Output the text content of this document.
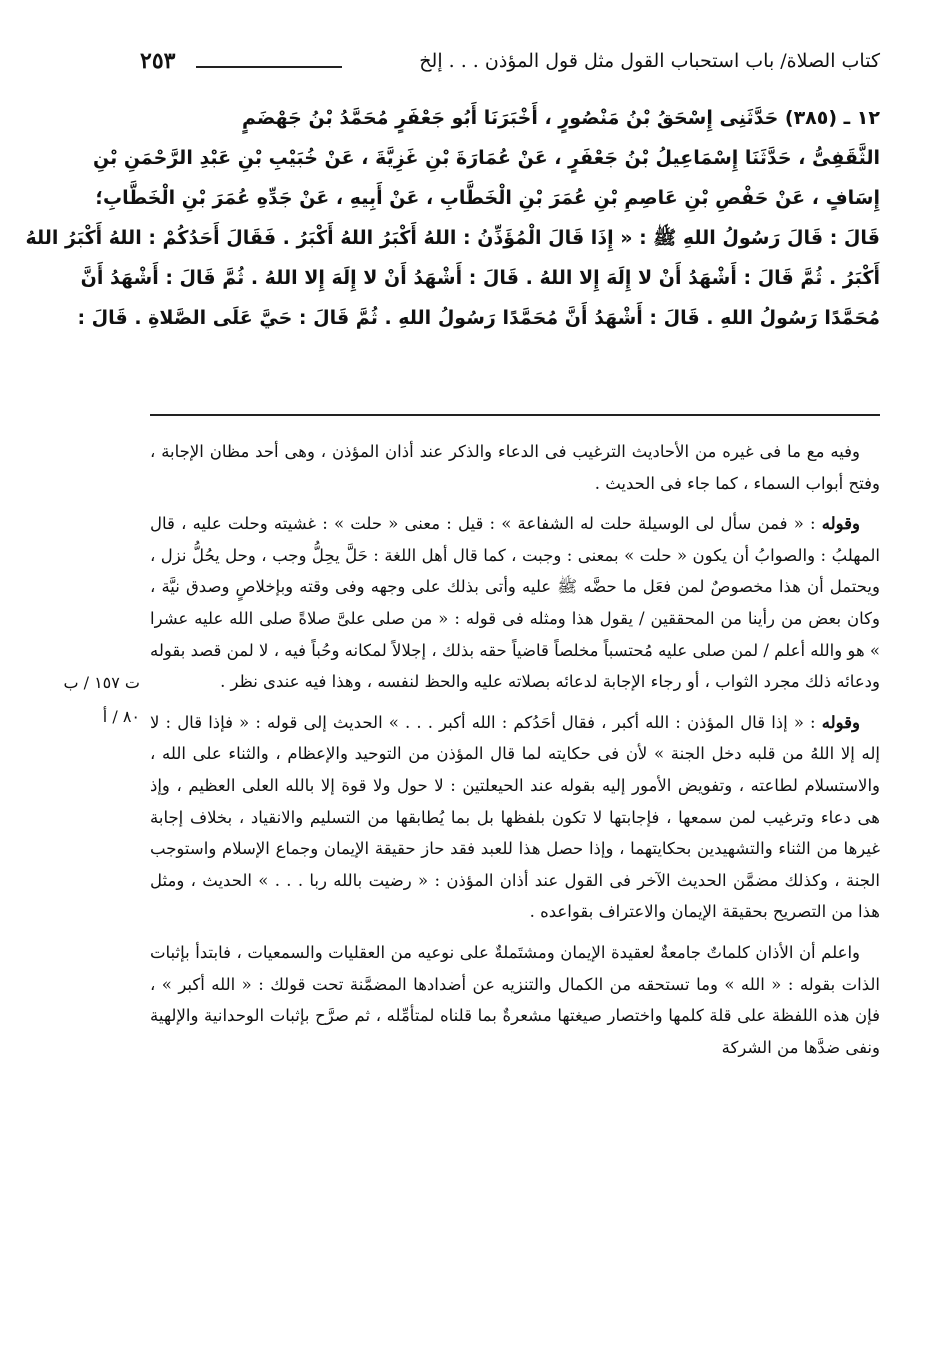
كتاب الصلاة/ باب استحباب القول مثل قول المؤذن . . . إلخ
٢٥٣
١٢ ـ (٣٨٥) حَدَّثَنِى إِسْحَقُ بْنُ مَنْصُورٍ ، أَخْبَرَنَا أَبُو جَعْفَرٍ مُحَمَّدُ بْنُ جَهْضَمٍ
الثَّقَفِىُّ ، حَدَّثَنَا إِسْمَاعِيلُ بْنُ جَعْفَرٍ ، عَنْ عُمَارَةَ بْنِ غَزِيَّةَ ، عَنْ خُبَيْبِ بْنِ عَبْدِ الرَّحْمَنِ بْنِ
إِسَافٍ ، عَنْ حَفْصِ بْنِ عَاصِمِ بْنِ عُمَرَ بْنِ الْخَطَّابِ ، عَنْ أَبِيهِ ، عَنْ جَدِّهِ عُمَرَ بْنِ الْخَطَّابِ؛
قَالَ : قَالَ رَسُولُ اللهِ ﷺ : « إِذَا قَالَ الْمُؤَذِّنُ : اللهُ أَكْبَرُ اللهُ أَكْبَرُ . فَقَالَ أَحَدُكُمْ : اللهُ أَكْبَرُ اللهُ
أَكْبَرُ . ثُمَّ قَالَ : أَشْهَدُ أَنْ لا إِلَهَ إِلا اللهُ . قَالَ : أَشْهَدُ أَنْ لا إِلَهَ إِلا اللهُ . ثُمَّ قَالَ : أَشْهَدُ أَنَّ
مُحَمَّدًا رَسُولُ اللهِ . قَالَ : أَشْهَدُ أَنَّ مُحَمَّدًا رَسُولُ اللهِ . ثُمَّ قَالَ : حَيَّ عَلَى الصَّلاةِ . قَالَ :

وفيه مع ما فى غيره من الأحاديث الترغيب فى الدعاء والذكر عند أذان المؤذن ، وهى أحد مظان الإجابة ، وفتح أبواب السماء ، كما جاء فى الحديث .

وقوله : « فمن سأل لى الوسيلة حلت له الشفاعة » : قيل : معنى « حلت » : غشيته وحلت عليه ، قال المهلبُ : والصوابُ أن يكون « حلت » بمعنى : وجبت ، كما قال أهل اللغة : حَلَّ يحِلُّ وجب ، وحل يحُلُّ نزل ، ويحتمل أن هذا مخصوصٌ لمن فعَل ما حضَّه ﷺ عليه وأتى بذلك على وجهه وفى وقته وبإخلاصٍ وصدق نيَّة ، وكان بعض من رأينا من المحققين / يقول هذا ومثله فى قوله : « من صلى علىَّ صلاةً صلى الله عليه عشرا » هو والله أعلم / لمن صلى عليه مُحتسباً مخلصاً قاضياً حقه بذلك ، إجلالاً لمكانه وحُباً فيه ، لا لمن قصد بقوله ودعائه ذلك مجرد الثواب ، أو رجاء الإجابة لدعائه بصلاته عليه والحظ لنفسه ، وهذا فيه عندى نظر .

وقوله : « إذا قال المؤذن : الله أكبر ، فقال أحَدُكم : الله أكبر . . . » الحديث إلى قوله : « فإذا قال : لا إله إلا اللهُ من قلبه دخل الجنة » لأن فى حكايته لما قال المؤذن من التوحيد والإعظام ، والثناء على الله ، والاستسلام لطاعته ، وتفويض الأمور إليه بقوله عند الحيعلتين : لا حول ولا قوة إلا بالله العلى العظيم ، وإذ هى دعاء وترغيب لمن سمعها ، فإجابتها لا تكون بلفظها بل بما يُطابقها من التسليم والانقياد ، بخلاف إجابة غيرها من الثناء والتشهيدين بحكايتهما ، وإذا حصل هذا للعبد فقد حاز حقيقة الإيمان وجماع الإسلام واستوجب الجنة ، وكذلك مضمَّن الحديث الآخر فى القول عند أذان المؤذن : « رضيت بالله ربا . . . » الحديث ، ومثل هذا من التصريح بحقيقة الإيمان والاعتراف بقواعده .

واعلم أن الأذان كلماتٌ جامعةٌ لعقيدة الإيمان ومشتَملةٌ على نوعيه من العقليات والسمعيات ، فابتدأ بإثبات الذات بقوله : « الله » وما تستحقه من الكمال والتنزيه عن أضدادها المضمَّنة تحت قولك : « الله أكبر » ، فإن هذه اللفظة على قلة كلمها واختصار صيغتها مشعرةٌ بما قلناه لمتأمِّله ، ثم صرَّح بإثبات الوحدانية والإلهية ونفى ضدَّها من الشركة

ت ١٥٧ / ب
٨٠ / أ
